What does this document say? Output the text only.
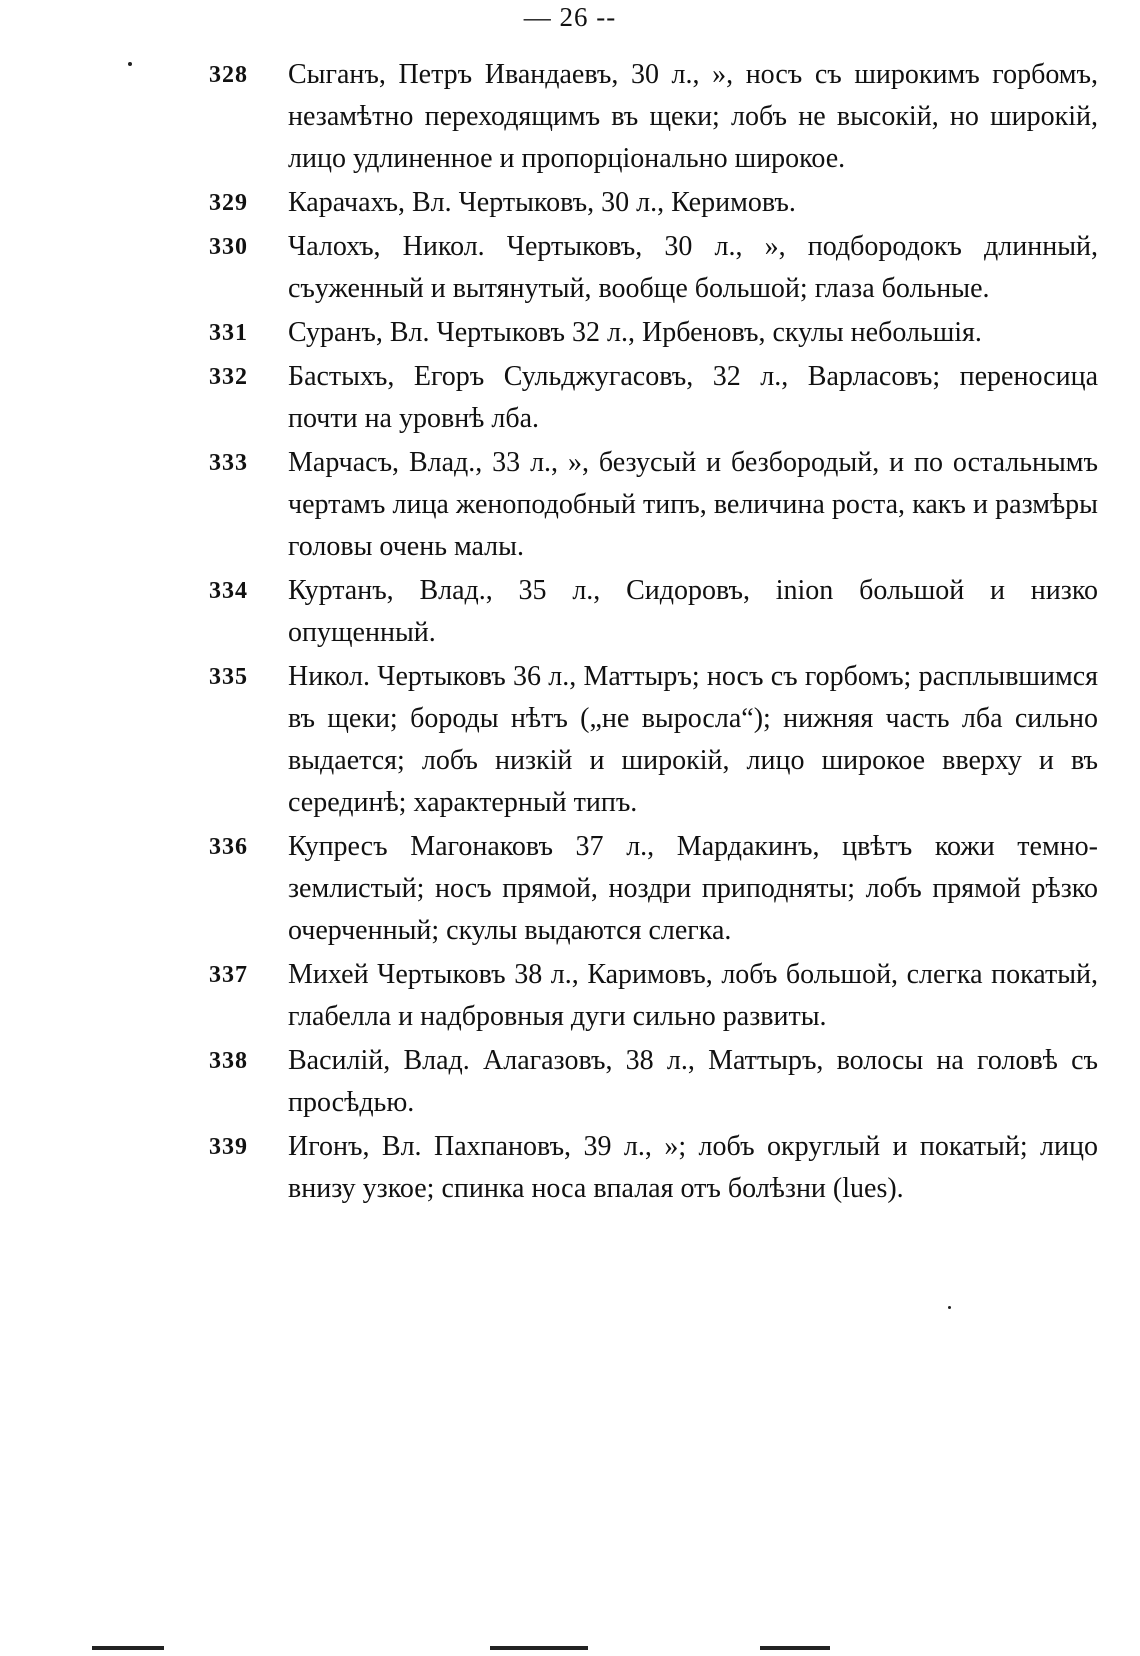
— 26 --
328 Сыганъ, Петръ Ивандаевъ, 30 л., », носъ съ широкимъ горбомъ, незамѣтно переходящимъ въ щеки; лобъ не высокій, но широкій, лицо удлиненное и пропорціонально широкое.
329 Карачахъ, Вл. Чертыковъ, 30 л., Керимовъ.
330 Чалохъ, Никол. Чертыковъ, 30 л., », подбородокъ длинный, съуженный и вытянутый, вообще большой; глаза больные.
331 Суранъ, Вл. Чертыковъ 32 л., Ирбеновъ, скулы небольшія.
332 Бастыхъ, Егоръ Сульджугасовъ, 32 л., Варласовъ; переносица почти на уровнѣ лба.
333 Марчасъ, Влад., 33 л., », безусый и безбородый, и по остальнымъ чертамъ лица женоподобный типъ, величина роста, какъ и размѣры головы очень малы.
334 Куртанъ, Влад., 35 л., Сидоровъ, inion большой и низко опущенный.
335 Никол. Чертыковъ 36 л., Маттыръ; носъ съ горбомъ; расплывшимся въ щеки; бороды нѣтъ („не выросла“); нижняя часть лба сильно выдается; лобъ низкій и широкій, лицо широкое вверху и въ серединѣ; характерный типъ.
336 Купресъ Магонаковъ 37 л., Мардакинъ, цвѣтъ кожи темно-землистый; носъ прямой, ноздри приподняты; лобъ прямой рѣзко очерченный; скулы выдаются слегка.
337 Михей Чертыковъ 38 л., Каримовъ, лобъ большой, слегка покатый, глабелла и надбровныя дуги сильно развиты.
338 Василій, Влад. Алагазовъ, 38 л., Маттыръ, волосы на головѣ съ просѣдью.
339 Игонъ, Вл. Пахпановъ, 39 л., »; лобъ округлый и покатый; лицо внизу узкое; спинка носа впалая отъ болѣзни (lues).
